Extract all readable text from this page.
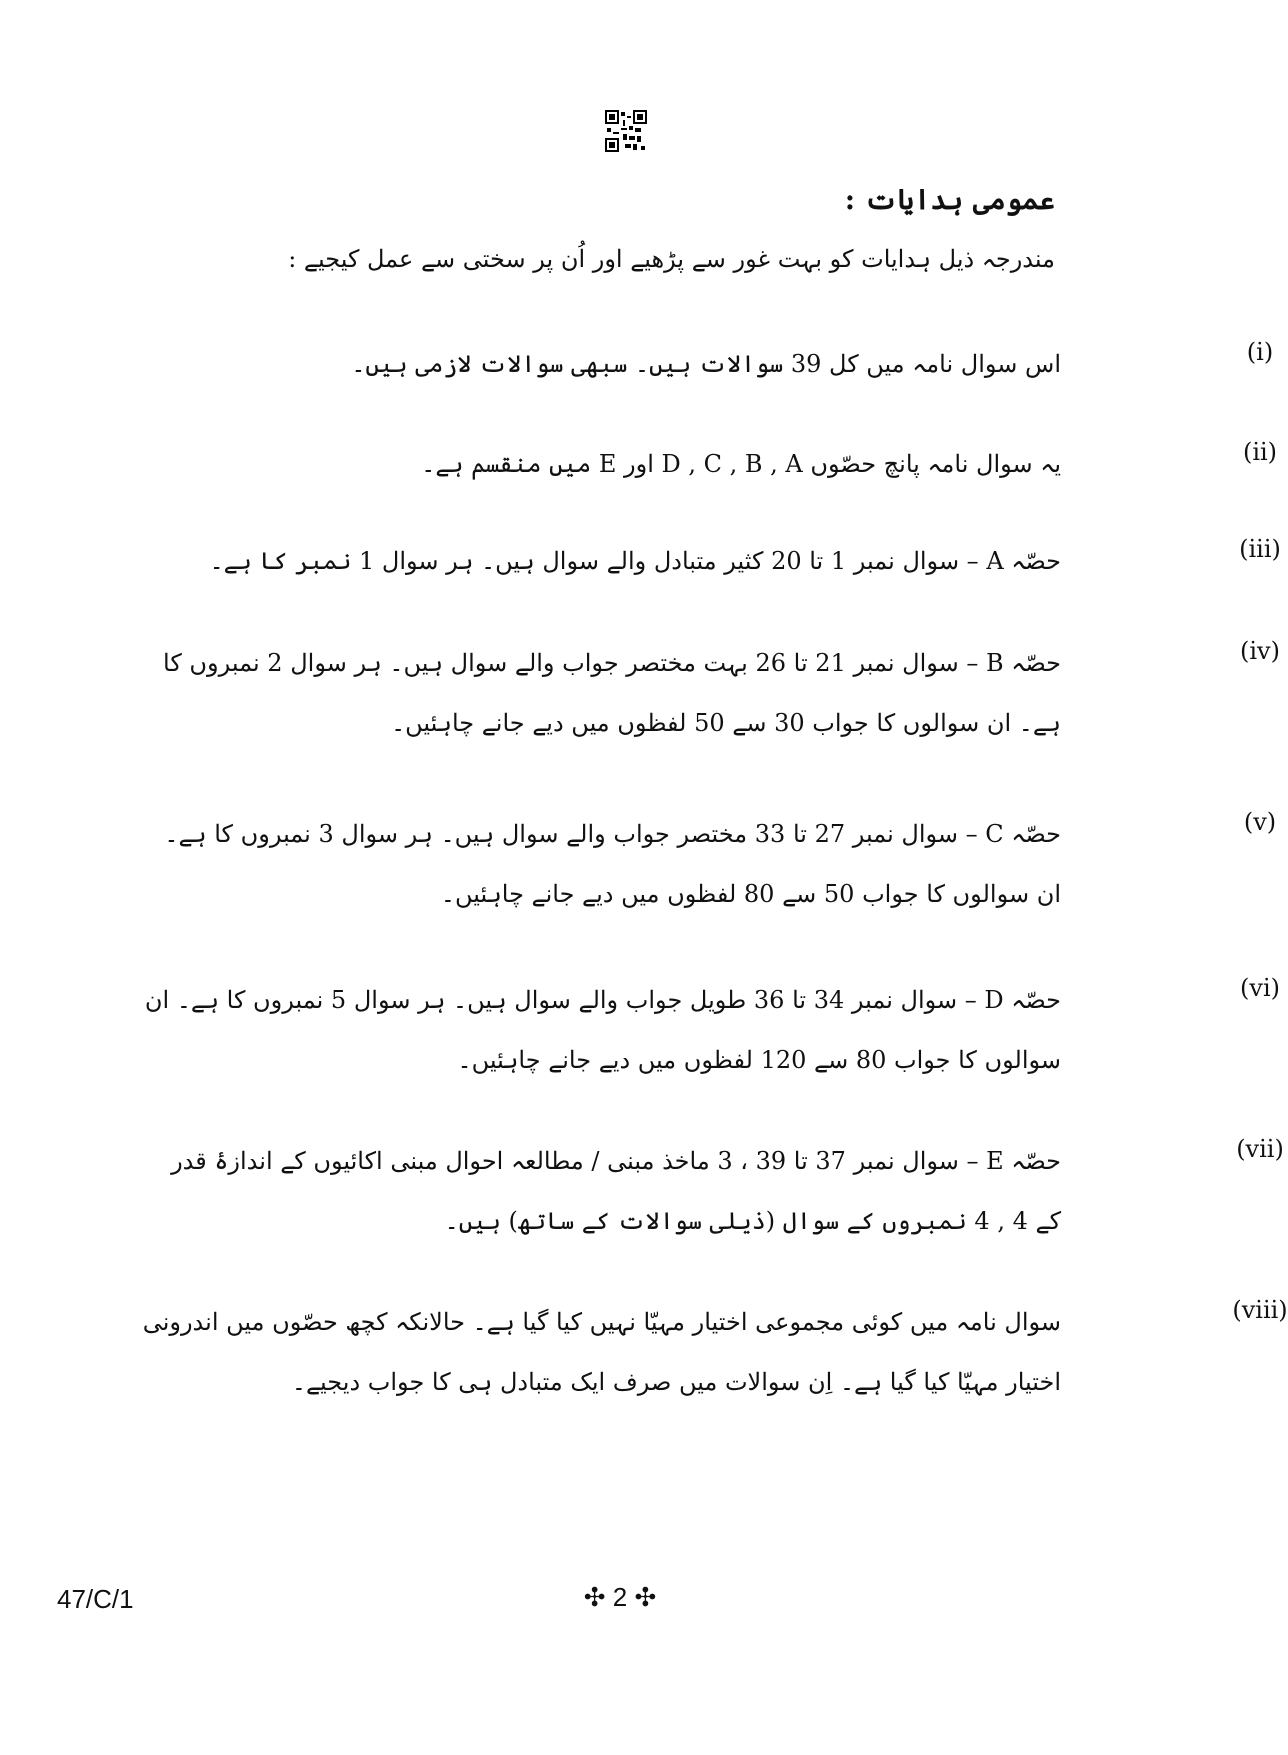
عمومی ہدایات :
مندرجہ ذیل ہدایات کو بہت غور سے پڑھیے اور اُن پر سختی سے عمل کیجیے :
(i)
اس سوال نامہ میں کل 39 سوالات ہیں۔ سبھی سوالات لازمی ہیں۔
(ii)
یہ سوال نامہ پانچ حصّوں D , C , B , A اور E میں منقسم ہے۔
(iii)
حصّہ A – سوال نمبر 1 تا 20 کثیر متبادل والے سوال ہیں۔ ہر سوال 1 نمبر کا ہے۔
(iv)
حصّہ B – سوال نمبر 21 تا 26 بہت مختصر جواب والے سوال ہیں۔ ہر سوال 2 نمبروں کا ہے۔ ان سوالوں کا جواب 30 سے 50 لفظوں میں دیے جانے چاہئیں۔
(v)
حصّہ C – سوال نمبر 27 تا 33 مختصر جواب والے سوال ہیں۔ ہر سوال 3 نمبروں کا ہے۔ ان سوالوں کا جواب 50 سے 80 لفظوں میں دیے جانے چاہئیں۔
(vi)
حصّہ D – سوال نمبر 34 تا 36 طویل جواب والے سوال ہیں۔ ہر سوال 5 نمبروں کا ہے۔ ان سوالوں کا جواب 80 سے 120 لفظوں میں دیے جانے چاہئیں۔
(vii)
حصّہ E – سوال نمبر 37 تا 39 ، 3 ماخذ مبنی / مطالعہ احوال مبنی اکائیوں کے اندازۂ قدر کے 4 , 4 نمبروں کے سوال (ذیلی سوالات کے ساتھ) ہیں۔
(viii)
سوال نامہ میں کوئی مجموعی اختیار مہیّا نہیں کیا گیا ہے۔ حالانکہ کچھ حصّوں میں اندرونی اختیار مہیّا کیا گیا ہے۔ اِن سوالات میں صرف ایک متبادل ہی کا جواب دیجیے۔
47/C/1	✣ 2 ✣
